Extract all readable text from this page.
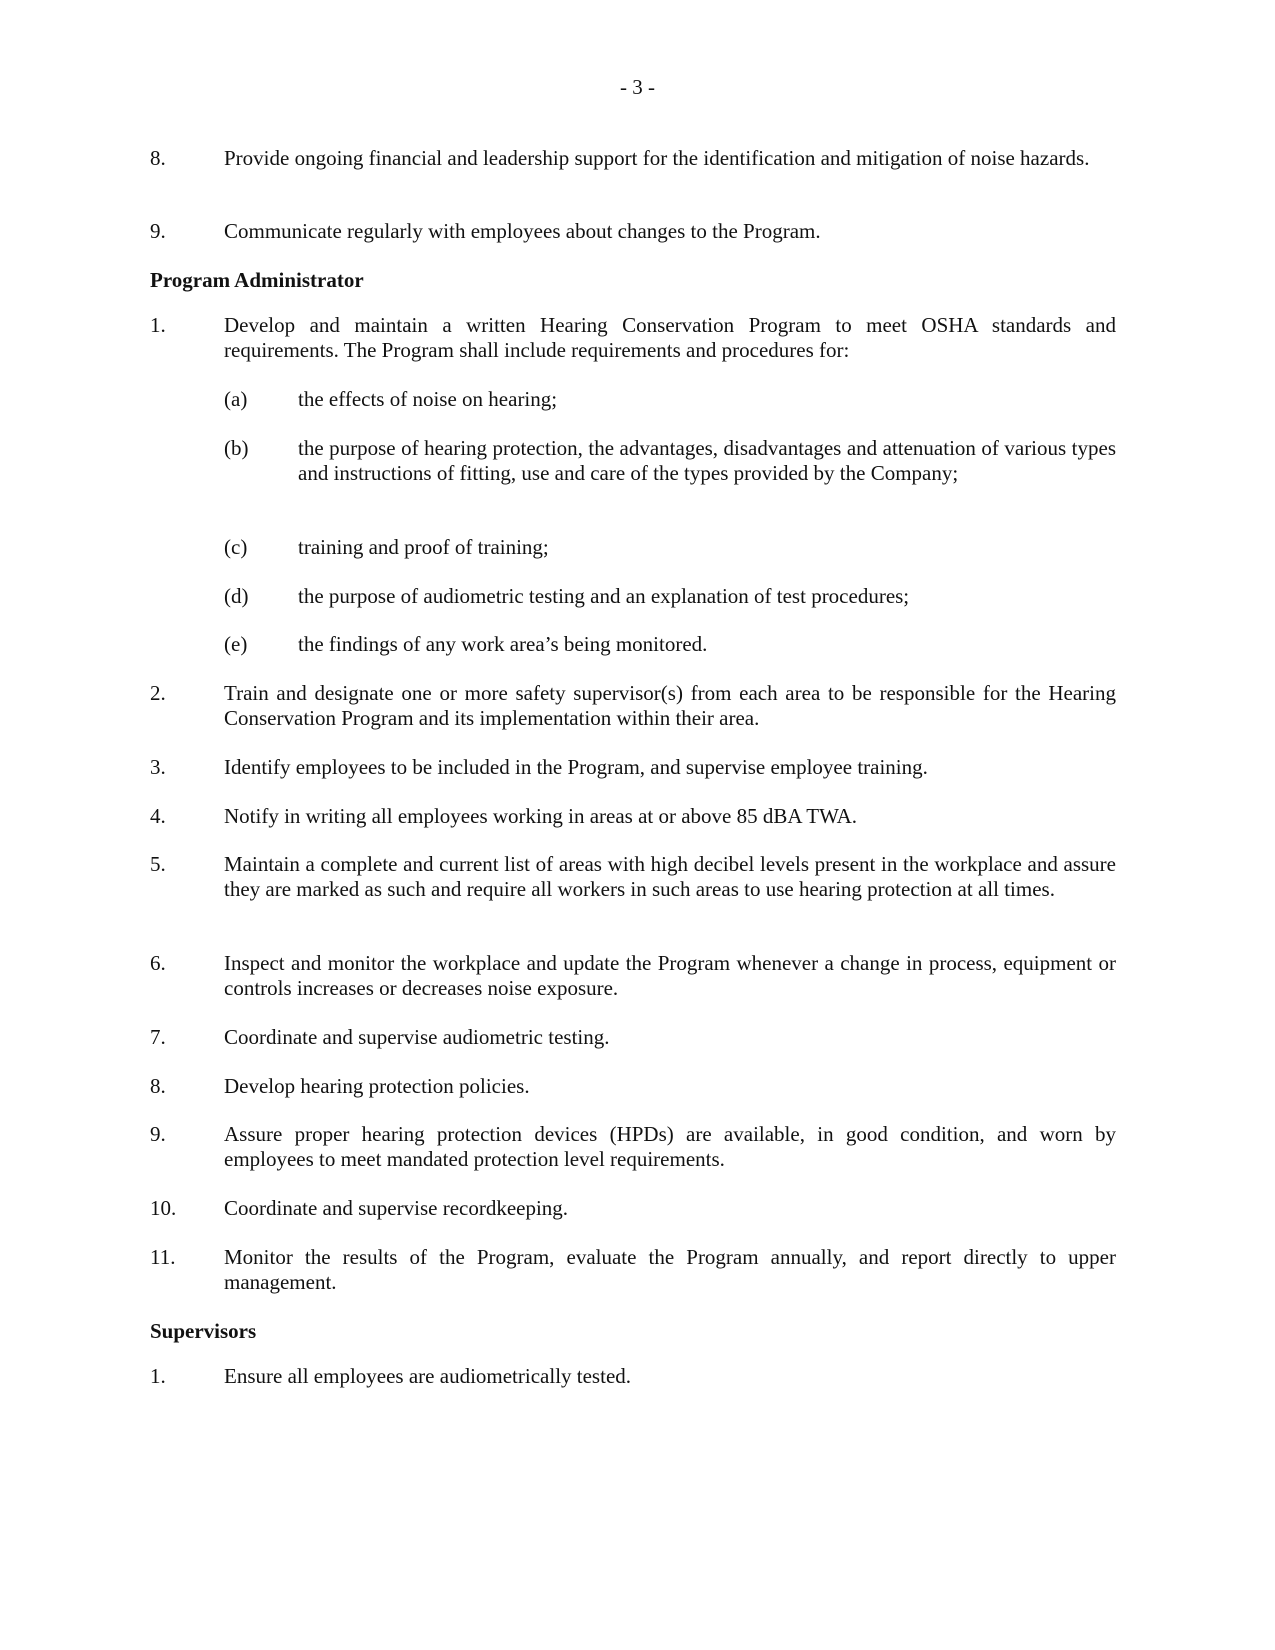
- 3 -
8.	Provide ongoing financial and leadership support for the identification and mitigation of noise hazards.
9.	Communicate regularly with employees about changes to the Program.
Program Administrator
1.	Develop and maintain a written Hearing Conservation Program to meet OSHA standards and requirements. The Program shall include requirements and procedures for:
(a) the effects of noise on hearing;
(b) the purpose of hearing protection, the advantages, disadvantages and attenuation of various types and instructions of fitting, use and care of the types provided by the Company;
(c) training and proof of training;
(d) the purpose of audiometric testing and an explanation of test procedures;
(e) the findings of any work area’s being monitored.
2.	Train and designate one or more safety supervisor(s) from each area to be responsible for the Hearing Conservation Program and its implementation within their area.
3.	Identify employees to be included in the Program, and supervise employee training.
4.	Notify in writing all employees working in areas at or above 85 dBA TWA.
5.	Maintain a complete and current list of areas with high decibel levels present in the workplace and assure they are marked as such and require all workers in such areas to use hearing protection at all times.
6.	Inspect and monitor the workplace and update the Program whenever a change in process, equipment or controls increases or decreases noise exposure.
7.	Coordinate and supervise audiometric testing.
8.	Develop hearing protection policies.
9.	Assure proper hearing protection devices (HPDs) are available, in good condition, and worn by employees to meet mandated protection level requirements.
10. Coordinate and supervise recordkeeping.
11. Monitor the results of the Program, evaluate the Program annually, and report directly to upper management.
Supervisors
1.	Ensure all employees are audiometrically tested.
